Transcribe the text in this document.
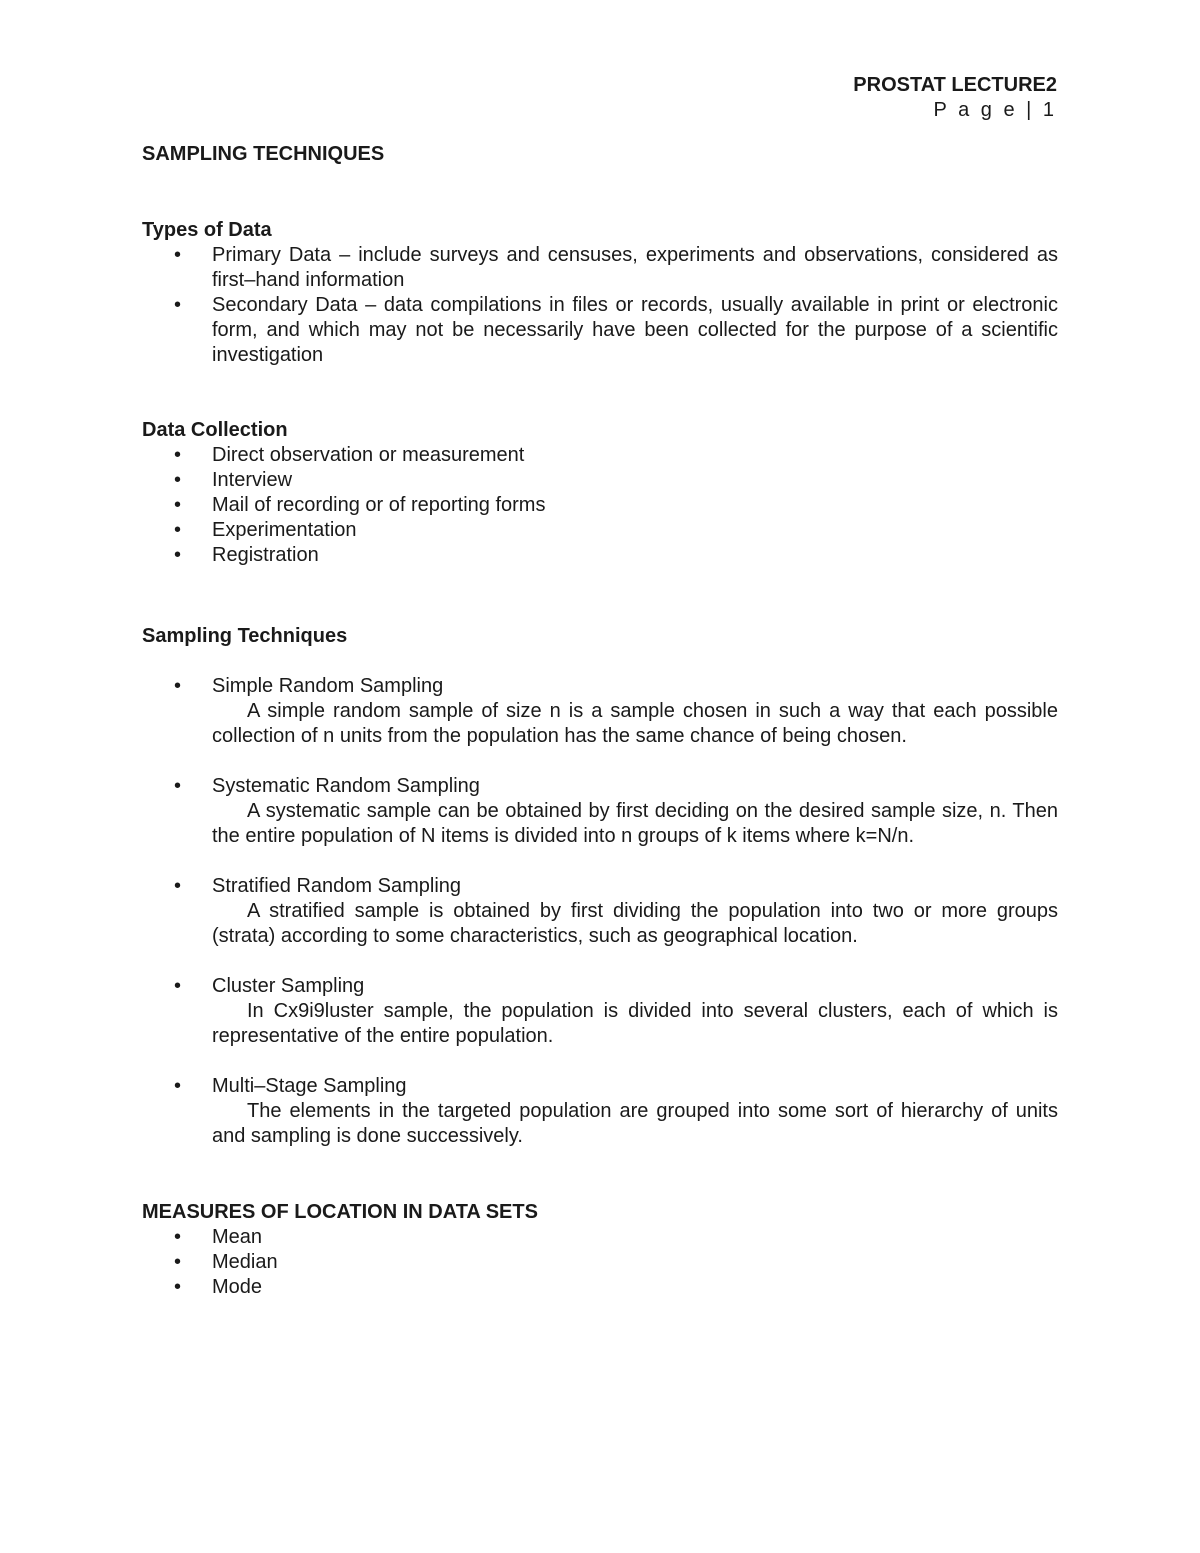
PROSTAT LECTURE2
P a g e | 1
SAMPLING TECHNIQUES
Types of Data
• Primary Data – include surveys and censuses, experiments and observations, considered as first–hand information
• Secondary Data – data compilations in files or records, usually available in print or electronic form, and which may not be necessarily have been collected for the purpose of a scientific investigation
Data Collection
• Direct observation or measurement
• Interview
• Mail of recording or of reporting forms
• Experimentation
• Registration
Sampling Techniques
• Simple Random Sampling
A simple random sample of size n is a sample chosen in such a way that each possible collection of n units from the population has the same chance of being chosen.
• Systematic Random Sampling
A systematic sample can be obtained by first deciding on the desired sample size, n. Then the entire population of N items is divided into n groups of k items where k=N/n.
• Stratified Random Sampling
A stratified sample is obtained by first dividing the population into two or more groups (strata) according to some characteristics, such as geographical location.
• Cluster Sampling
In Cx9i9luster sample, the population is divided into several clusters, each of which is representative of the entire population.
• Multi–Stage Sampling
The elements in the targeted population are grouped into some sort of hierarchy of units and sampling is done successively.
MEASURES OF LOCATION IN DATA SETS
• Mean
• Median
• Mode
